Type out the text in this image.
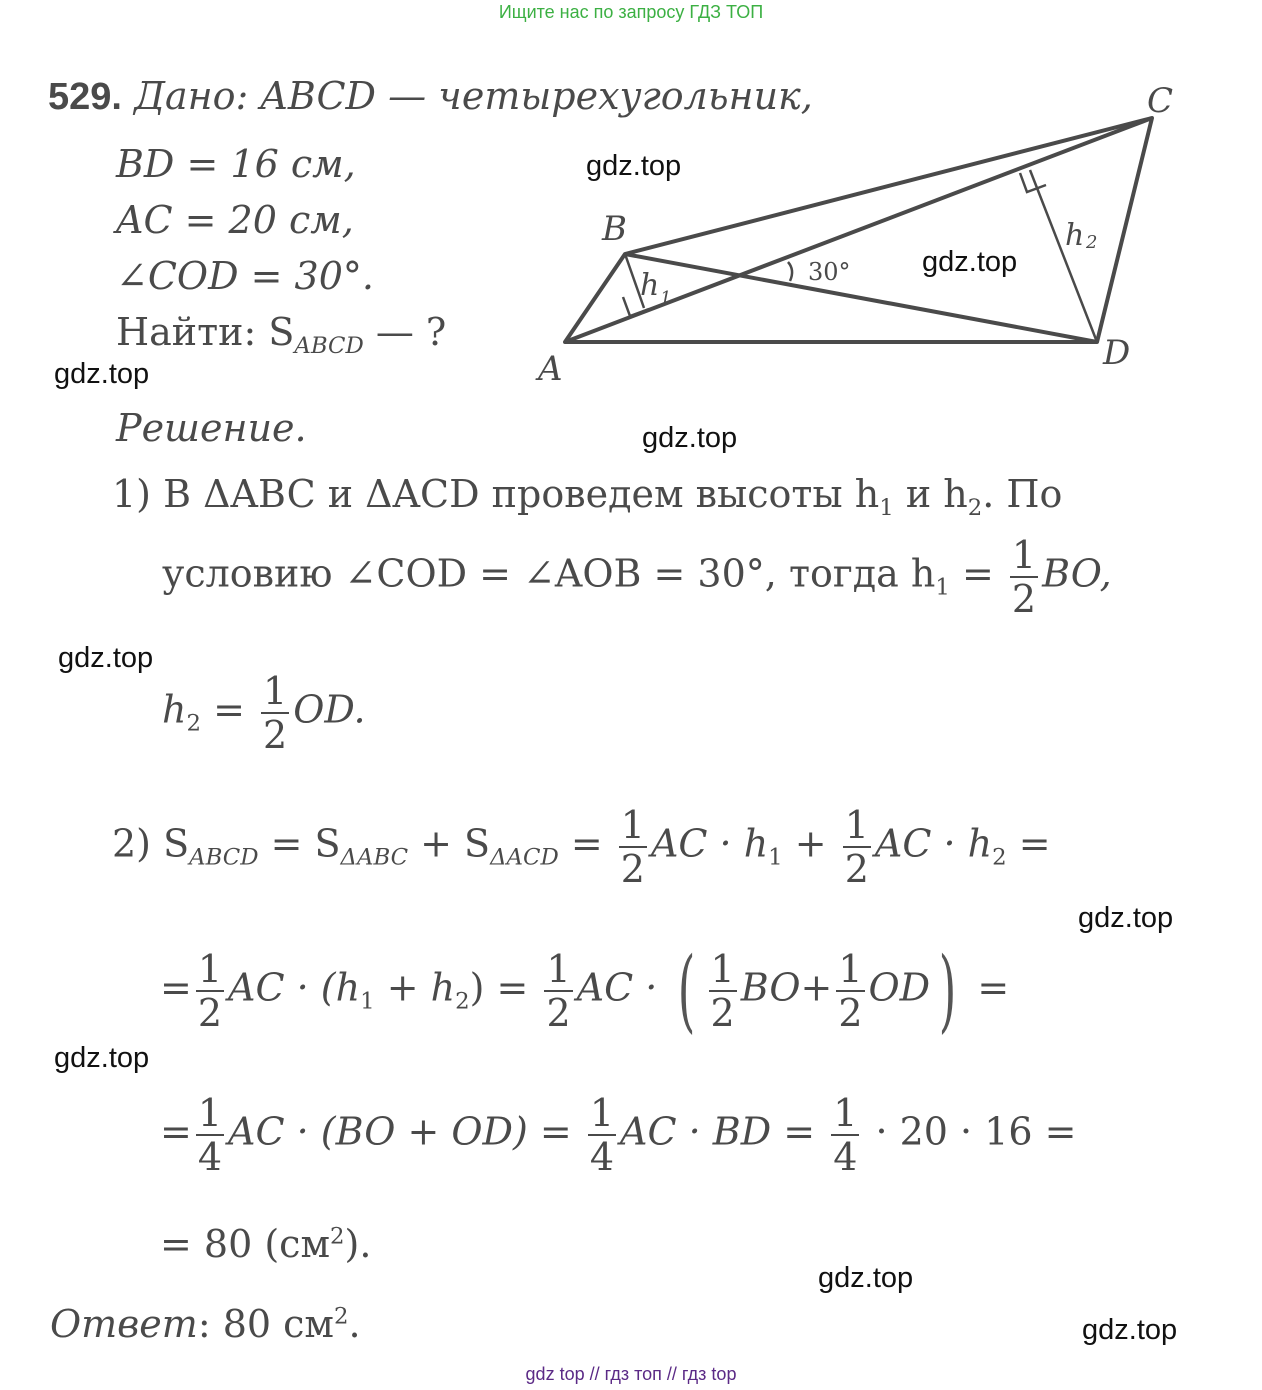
Ищите нас по запросу ГДЗ ТОП
529. Дано: ABCD — четырехугольник,
BD = 16 см,
AC = 20 см,
∠COD = 30°.
Найти: $S_{ABCD}$ — ?
A
B
C
D
h 1
h 2
30°
Решение.
1) В ΔABC и ΔACD проведем высоты $h_1$ и $h_2$. По
условию ∠COD = ∠AOB = 30°, тогда $h_1 = \frac{1}{2}$ BO,
$h_2 = \frac{1}{2}$ OD.
2) $S_{ABCD} = S_{\Delta ABC} + S_{\Delta ACD} = \frac{1}{2}$ AC · $h_1 + \frac{1}{2}$ AC · $h_2$ =
= $\frac{1}{2}$ AC · $(h_1 + h_2) = \frac{1}{2}$ AC · ( $\frac{1}{2} BO+ \frac{1}{2} OD$) =
= $\frac{1}{4}$ AC · $(BO + OD) = \frac{1}{4}$ AC · BD = $\frac{1}{4} \cdot 20 \cdot 16$ =
= 80 $(см^2)$.
Ответ: 80 $см^2$.
gdz.top
gdz.top
gdz.top
gdz.top
gdz.top
gdz.top
gdz.top
gdz.top
gdz.top
gdz top // гдз топ // гдз top
